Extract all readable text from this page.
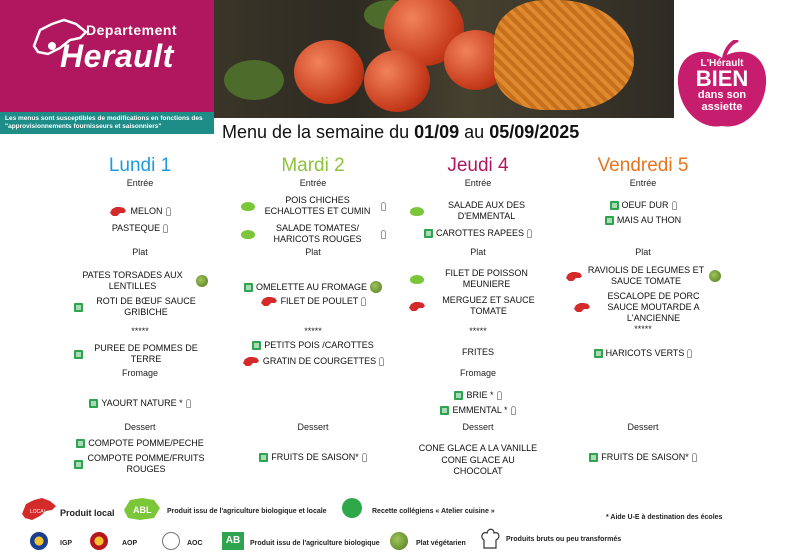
Departement
Herault	L'Hérault
BIEN
dans son
assiette
Les menus sont susceptibles de modifications en fonctions des "approvisionnements fournisseurs et saisonniers"	Menu de la semaine du 01/09 au 05/09/2025
Lundi 1
Entrée
MELON
PASTEQUE
Plat
PATES TORSADES AUX LENTILLES
ROTI DE BŒUF SAUCE GRIBICHE
*****
PUREE DE POMMES DE TERRE
Fromage
YAOURT NATURE *
Dessert
COMPOTE POMME/PECHE
COMPOTE POMME/FRUITS ROUGES
Mardi 2
Entrée
POIS CHICHES ECHALOTTES ET CUMIN
SALADE TOMATES/ HARICOTS ROUGES
Plat
OMELETTE AU FROMAGE
FILET DE POULET
*****
PETITS POIS /CAROTTES
GRATIN DE COURGETTES
Dessert
FRUITS DE SAISON*
Jeudi 4
Entrée
SALADE AUX DES D'EMMENTAL
CAROTTES RAPEES
Plat
FILET DE POISSON MEUNIERE
MERGUEZ ET SAUCE TOMATE
*****
FRITES
Fromage
BRIE *
EMMENTAL *
Dessert
CONE GLACE A LA VANILLE
CONE GLACE AU CHOCOLAT
Vendredi 5
Entrée
OEUF DUR
MAIS AU THON
Plat
RAVIOLIS DE LEGUMES ET SAUCE TOMATE
ESCALOPE DE PORC SAUCE MOUTARDE A L'ANCIENNE
*****
HARICOTS VERTS
Dessert
FRUITS DE SAISON*
LOCAL Produit local ABL Produit issu de l'agriculture biologique et locale	Recette collégiens « Atelier cuisine »
* Aide U-E à destination des écoles
IGP	AOP	AOC	AB	Produit issu de l'agriculture biologique	Plat végétarien
Produits bruts ou peu transformés
